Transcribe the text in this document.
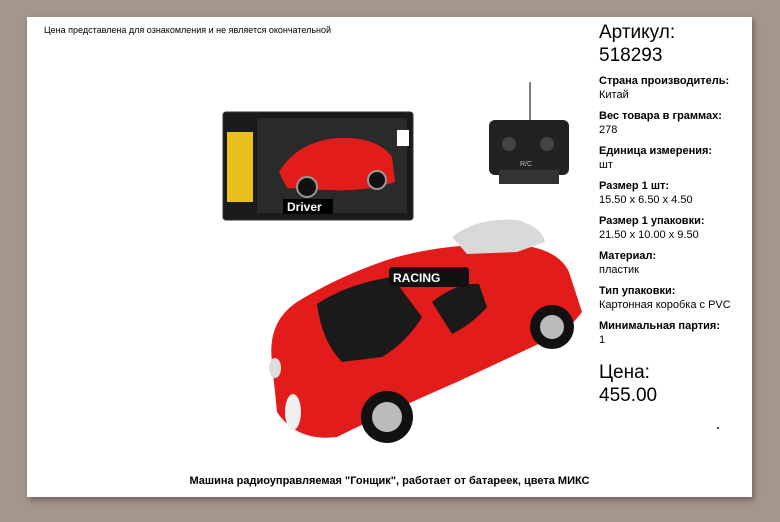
Цена представлена для ознакомления и не является окончательной
Driver
R/C
RACING
Артикул:
518293
Страна производитель:
Китай
Вес товара в граммах:
278
Единица измерения:
шт
Размер 1 шт:
15.50 x 6.50 x 4.50
Размер 1 упаковки:
21.50 x 10.00 x 9.50
Материал:
пластик
Тип упаковки:
Картонная коробка с PVC
Минимальная партия:
1
Цена:
455.00
Машина радиоуправляемая "Гонщик", работает от батареек, цвета МИКС
